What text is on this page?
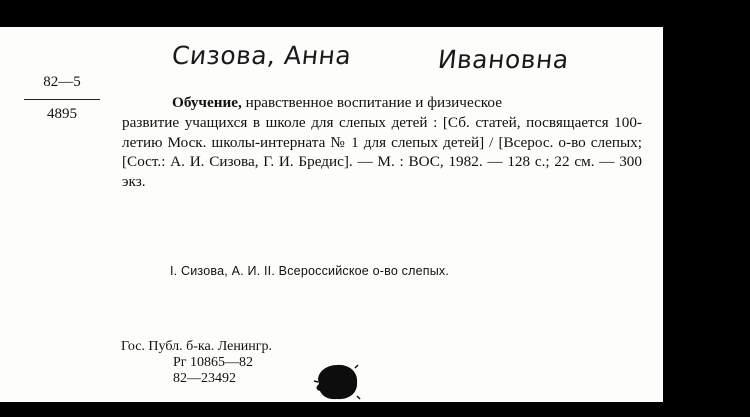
Сизова, Анна	Ивановна
82—5
4895
Обучение, нравственное воспитание и физическое
развитие учащихся в школе для слепых детей : [Сб. статей, посвящается 100-летию Моск. школы-интерната № 1 для слепых детей] / [Всерос. о-во слепых; [Сост.: А. И. Сизова, Г. И. Бредис]. — М. : ВОС, 1982. — 128 с.; 22 см. — 300 экз.
I. Сизова, А. И. II. Всероссийское о-во слепых.
Гос. Публ. б-ка. Ленингр.
Рг 10865—82
82—23492
